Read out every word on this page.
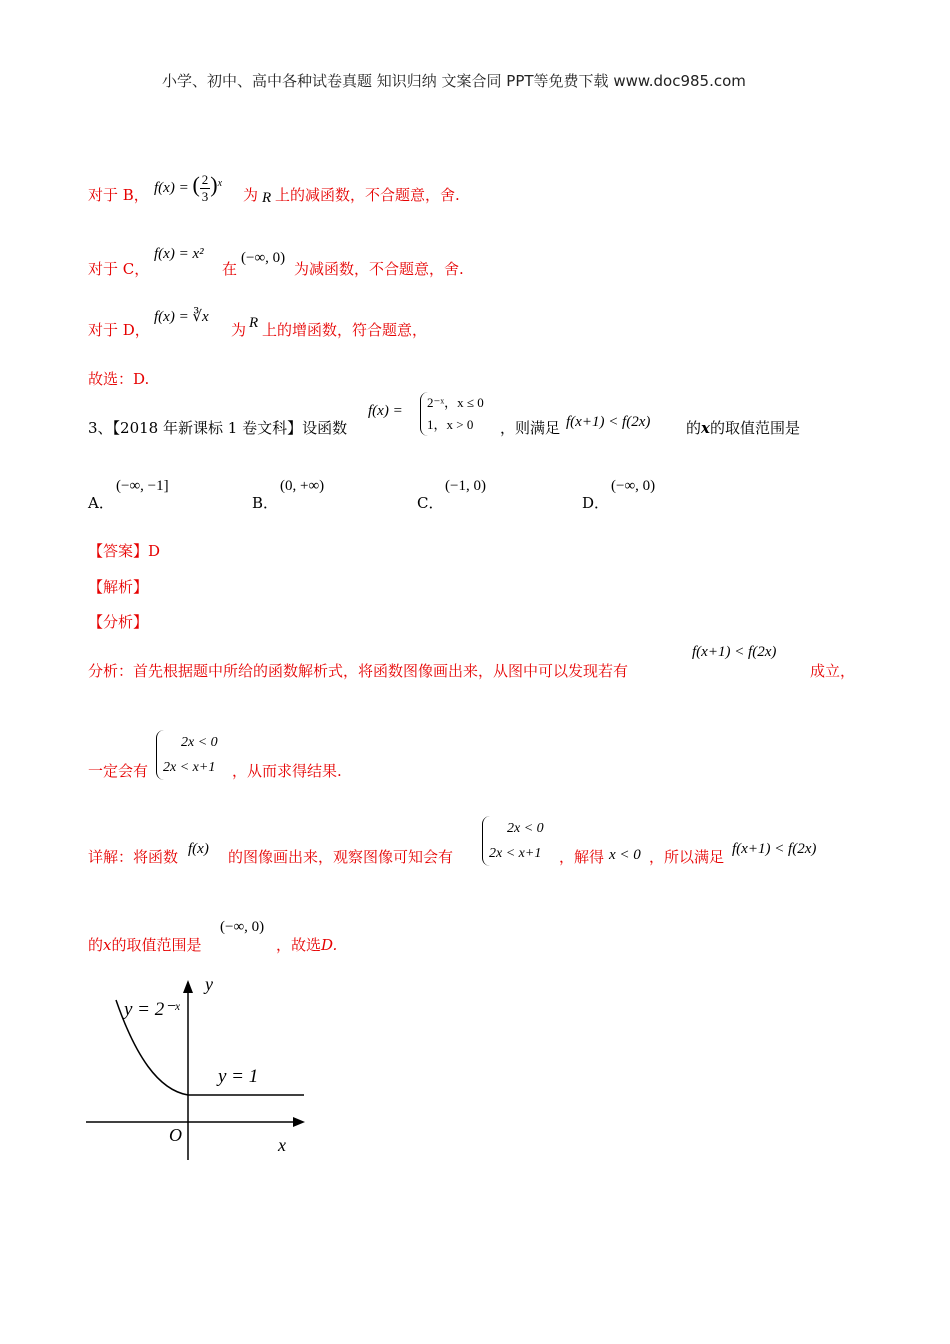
小学、初中、高中各种试卷真题 知识归纳 文案合同 PPT等免费下载 www.doc985.com
对于 B， f(x) = ( $\frac{2}{3} )^x$
为 R 上的减函数，不合题意，舍.
对于 C，
f(x) = x²
在
(−∞, 0)
为减函数，不合题意，舍.
对于 D，
f(x) = ∛x
为 R 上的增函数，符合题意，
故选：D.
3、【2018 年新课标 1 卷文科】设函数
f(x) =
2⁻ˣ，x ≤ 0
1，x > 0	，则满足 f(x+1) < f(2x) 的x的取值范围是
A．
(−∞, −1]
B．
(0, +∞)
C．
(−1, 0)
D．
(−∞, 0)
【答案】D
【解析】
【分析】
分析：首先根据题中所给的函数解析式，将函数图像画出来，从图中可以发现若有
f(x+1) < f(2x)
成立，
一定会有
2x < 0
2x < x+1 ，从而求得结果.
详解：将函数 f(x) 的图像画出来，观察图像可知会有
2x < 0
2x < x+1 ，解得 x < 0 ，所以满足 f(x+1) < f(2x)
的x的取值范围是
(−∞, 0)
，故选D.
y
x
O
y = 2⁻ˣ
y = 1
